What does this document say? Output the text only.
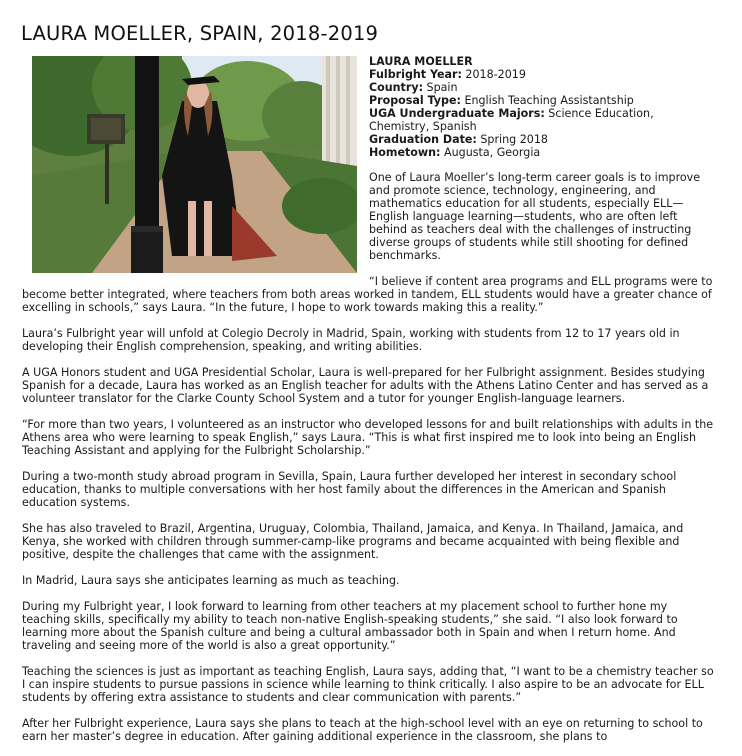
LAURA MOELLER, SPAIN, 2018-2019
LAURA MOELLER
Fulbright Year: 2018-2019
Country: Spain
Proposal Type: English Teaching Assistantship
UGA Undergraduate Majors: Science Education, Chemistry, Spanish
Graduation Date: Spring 2018
Hometown: Augusta, Georgia

One of Laura Moeller’s long-term career goals is to improve and promote science, technology, engineering, and mathematics education for all students, especially ELL—English language learning—students, who are often left behind as teachers deal with the challenges of instructing diverse groups of students while still shooting for defined benchmarks.

“I believe if content area programs and ELL programs were to become better integrated, where teachers from both areas worked in tandem, ELL students would have a greater chance of excelling in schools,” says Laura. “In the future, I hope to work towards making this a reality.”

Laura’s Fulbright year will unfold at Colegio Decroly in Madrid, Spain, working with students from 12 to 17 years old in developing their English comprehension, speaking, and writing abilities.

A UGA Honors student and UGA Presidential Scholar, Laura is well-prepared for her Fulbright assignment. Besides studying Spanish for a decade, Laura has worked as an English teacher for adults with the Athens Latino Center and has served as a volunteer translator for the Clarke County School System and a tutor for younger English-language learners.

“For more than two years, I volunteered as an instructor who developed lessons for and built relationships with adults in the Athens area who were learning to speak English,” says Laura. “This is what first inspired me to look into being an English Teaching Assistant and applying for the Fulbright Scholarship.”

During a two-month study abroad program in Sevilla, Spain, Laura further developed her interest in secondary school education, thanks to multiple conversations with her host family about the differences in the American and Spanish education systems.

She has also traveled to Brazil, Argentina, Uruguay, Colombia, Thailand, Jamaica, and Kenya. In Thailand, Jamaica, and Kenya, she worked with children through summer-camp-like programs and became acquainted with being flexible and positive, despite the challenges that came with the assignment.

In Madrid, Laura says she anticipates learning as much as teaching.

During my Fulbright year, I look forward to learning from other teachers at my placement school to further hone my teaching skills, specifically my ability to teach non-native English-speaking students,” she said. “I also look forward to learning more about the Spanish culture and being a cultural ambassador both in Spain and when I return home. And traveling and seeing more of the world is also a great opportunity.”

Teaching the sciences is just as important as teaching English, Laura says, adding that, “I want to be a chemistry teacher so I can inspire students to pursue passions in science while learning to think critically. I also aspire to be an advocate for ELL students by offering extra assistance to students and clear communication with parents.”

After her Fulbright experience, Laura says she plans to teach at the high-school level with an eye on returning to school to earn her master’s degree in education. After gaining additional experience in the classroom, she plans to
